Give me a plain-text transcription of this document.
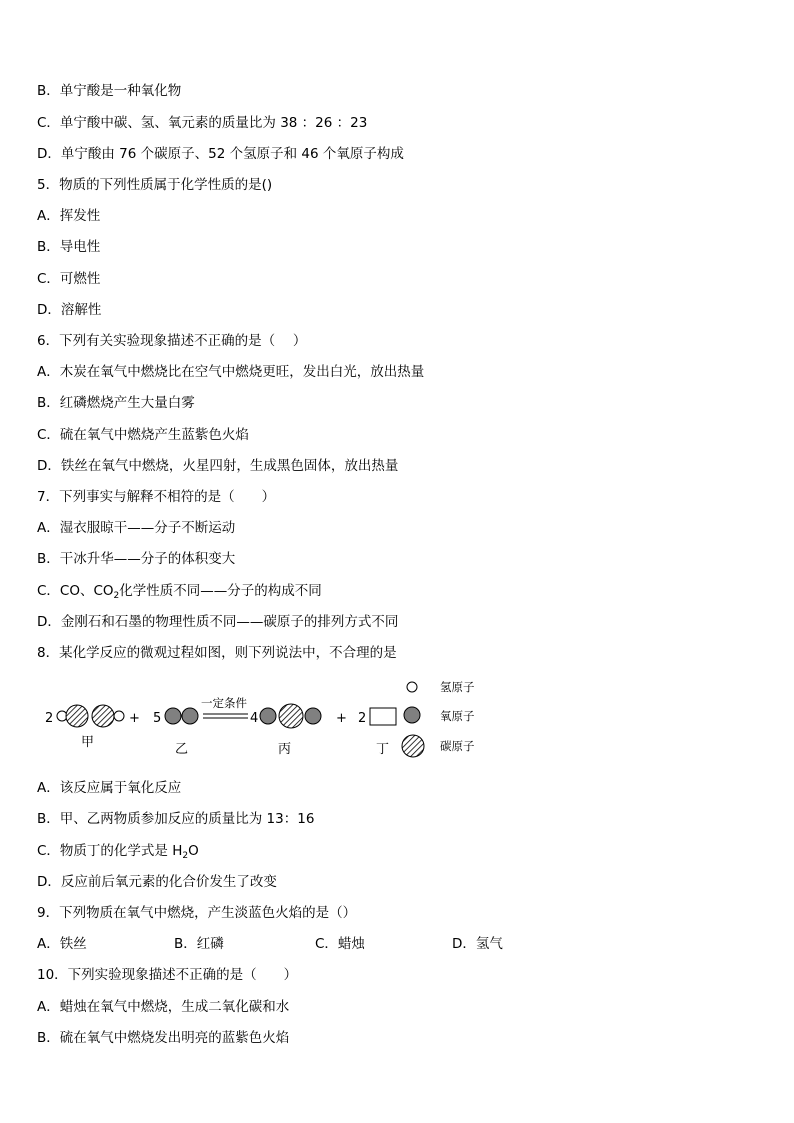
B．单宁酸是一种氧化物
C．单宁酸中碳、氢、氧元素的质量比为 38 ：26 ：23
D．单宁酸由 76 个碳原子、52 个氢原子和 46 个氧原子构成
5．物质的下列性质属于化学性质的是()
A．挥发性
B．导电性
C．可燃性
D．溶解性
6．下列有关实验现象描述不正确的是（　 ）
A．木炭在氧气中燃烧比在空气中燃烧更旺，发出白光，放出热量
B．红磷燃烧产生大量白雾
C．硫在氧气中燃烧产生蓝紫色火焰
D．铁丝在氧气中燃烧，火星四射，生成黑色固体，放出热量
7．下列事实与解释不相符的是（　　）
A．湿衣服晾干——分子不断运动
B．干冰升华——分子的体积变大
C．CO、$CO_2$化学性质不同——分子的构成不同
D．金刚石和石墨的物理性质不同——碳原子的排列方式不同
8．某化学反应的微观过程如图，则下列说法中，不合理的是
2	+
甲
5
乙
一定条件
4
丙
+ 2
丁
氢原子
氧原子
碳原子
A．该反应属于氧化反应
B．甲、乙两物质参加反应的质量比为 13：16
C．物质丁的化学式是 $H_2O$
D．反应前后氧元素的化合价发生了改变
9．下列物质在氧气中燃烧，产生淡蓝色火焰的是（）
A．铁丝	B．红磷	C．蜡烛	D．氢气
10．下列实验现象描述不正确的是（　　）
A．蜡烛在氧气中燃烧，生成二氧化碳和水
B．硫在氧气中燃烧发出明亮的蓝紫色火焰
